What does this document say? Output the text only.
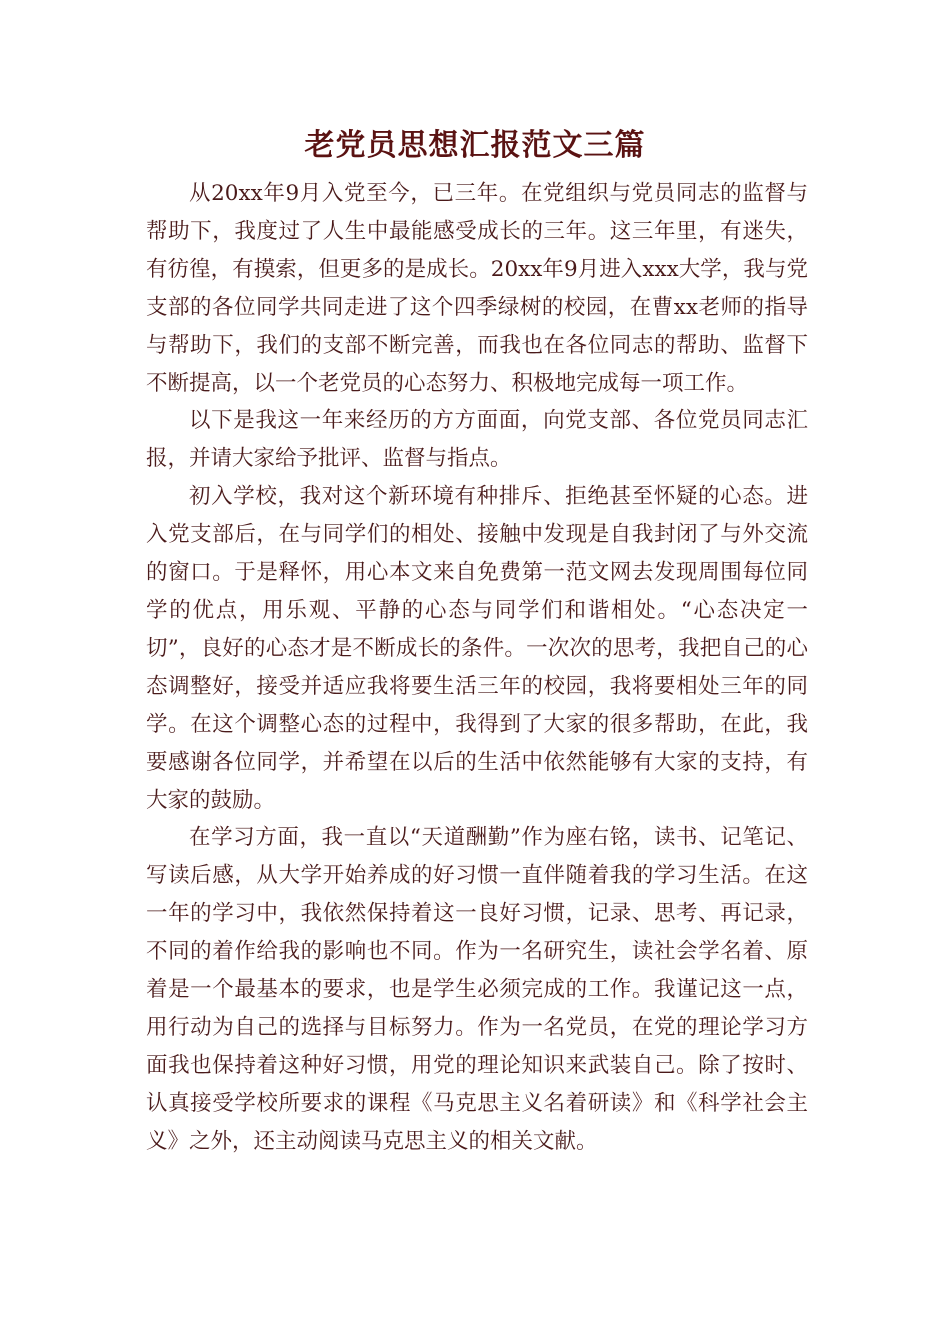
老党员思想汇报范文三篇

从20xx年9月入党至今，已三年。在党组织与党员同志的监督与帮助下，我度过了人生中最能感受成长的三年。这三年里，有迷失，有彷徨，有摸索，但更多的是成长。20xx年9月进入xxx大学，我与党支部的各位同学共同走进了这个四季绿树的校园，在曹xx老师的指导与帮助下，我们的支部不断完善，而我也在各位同志的帮助、监督下不断提高，以一个老党员的心态努力、积极地完成每一项工作。

以下是我这一年来经历的方方面面，向党支部、各位党员同志汇报，并请大家给予批评、监督与指点。

初入学校，我对这个新环境有种排斥、拒绝甚至怀疑的心态。进入党支部后，在与同学们的相处、接触中发现是自我封闭了与外交流的窗口。于是释怀，用心本文来自免费第一范文网去发现周围每位同学的优点，用乐观、平静的心态与同学们和谐相处。“心态决定一切”，良好的心态才是不断成长的条件。一次次的思考，我把自己的心态调整好，接受并适应我将要生活三年的校园，我将要相处三年的同学。在这个调整心态的过程中，我得到了大家的很多帮助，在此，我要感谢各位同学，并希望在以后的生活中依然能够有大家的支持，有大家的鼓励。

在学习方面，我一直以“天道酬勤”作为座右铭，读书、记笔记、写读后感，从大学开始养成的好习惯一直伴随着我的学习生活。在这一年的学习中，我依然保持着这一良好习惯，记录、思考、再记录，不同的着作给我的影响也不同。作为一名研究生，读社会学名着、原着是一个最基本的要求，也是学生必须完成的工作。我谨记这一点，用行动为自己的选择与目标努力。作为一名党员，在党的理论学习方面我也保持着这种好习惯，用党的理论知识来武装自己。除了按时、认真接受学校所要求的课程《马克思主义名着研读》和《科学社会主义》之外，还主动阅读马克思主义的相关文献。
